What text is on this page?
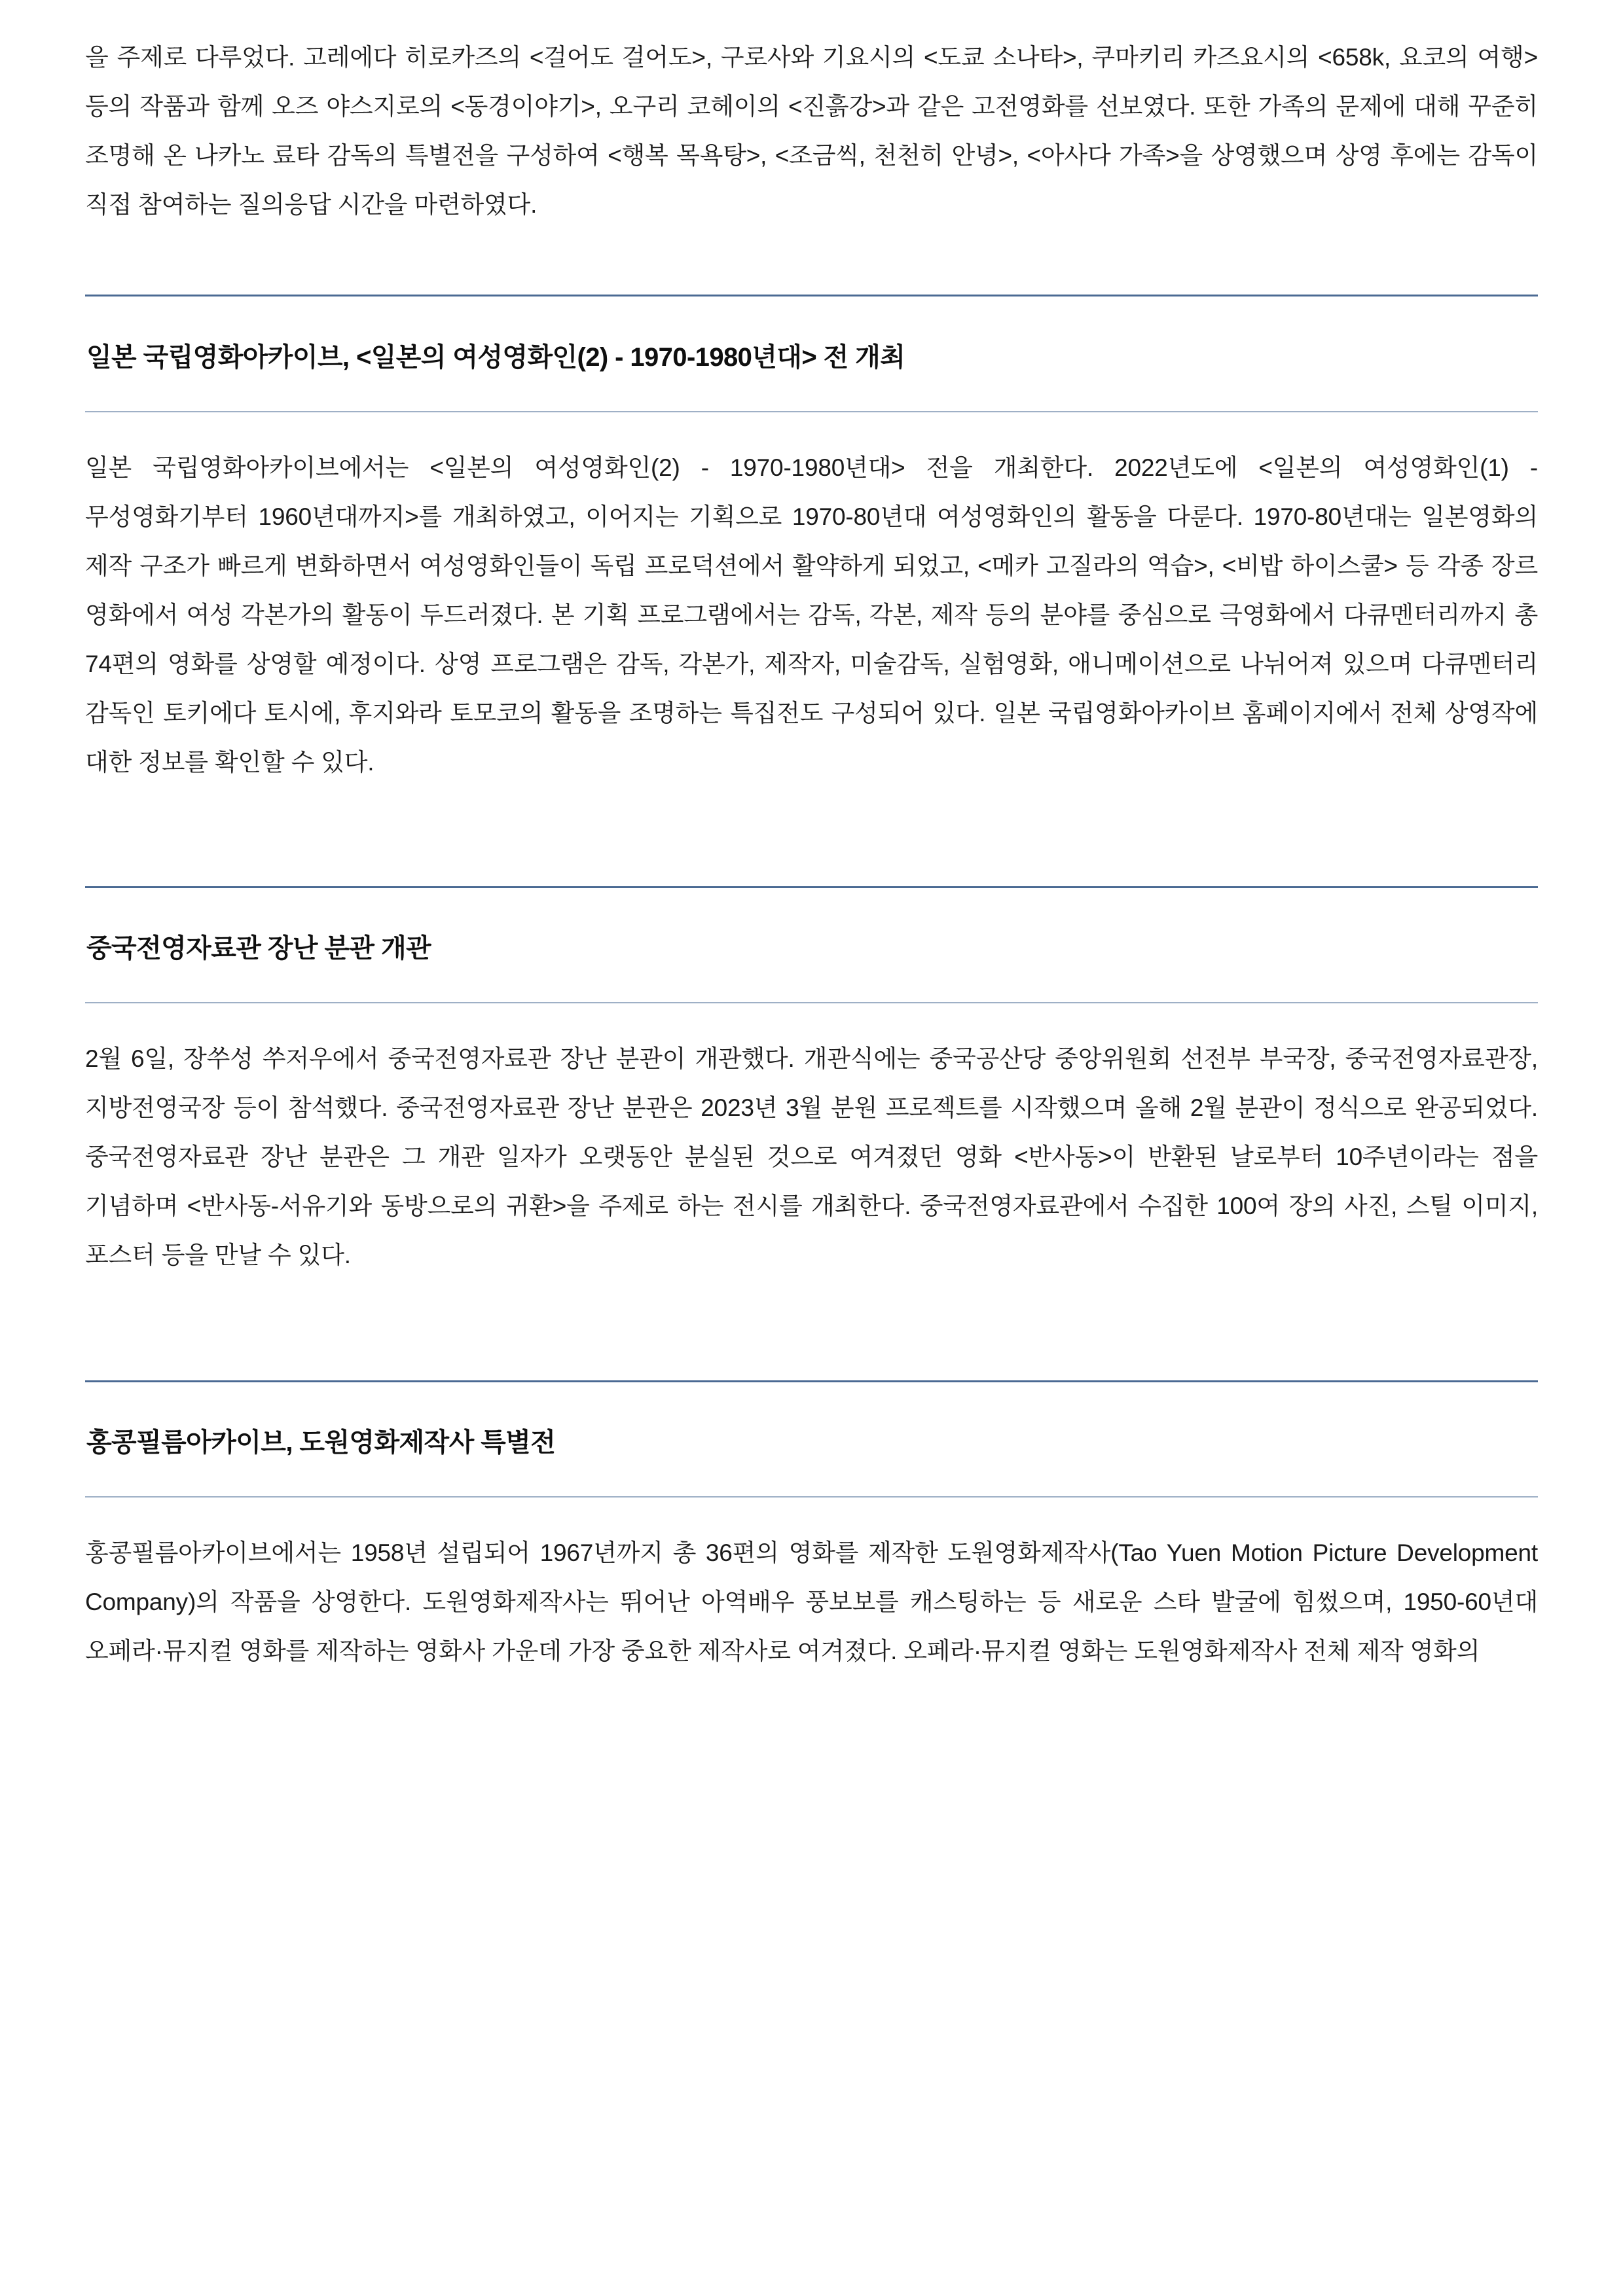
을 주제로 다루었다. 고레에다 히로카즈의 <걸어도 걸어도>, 구로사와 기요시의 <도쿄 소나타>, 쿠마키리 카즈요시의 <658k, 요코의 여행> 등의 작품과 함께 오즈 야스지로의 <동경이야기>, 오구리 코헤이의 <진흙강>과 같은 고전영화를 선보였다. 또한 가족의 문제에 대해 꾸준히 조명해 온 나카노 료타 감독의 특별전을 구성하여 <행복 목욕탕>, <조금씩, 천천히 안녕>, <아사다 가족>을 상영했으며 상영 후에는 감독이 직접 참여하는 질의응답 시간을 마련하였다.

일본 국립영화아카이브, <일본의 여성영화인(2) - 1970-1980년대> 전 개최

일본 국립영화아카이브에서는 <일본의 여성영화인(2) - 1970-1980년대> 전을 개최한다. 2022년도에 <일본의 여성영화인(1) - 무성영화기부터 1960년대까지>를 개최하였고, 이어지는 기획으로 1970-80년대 여성영화인의 활동을 다룬다. 1970-80년대는 일본영화의 제작 구조가 빠르게 변화하면서 여성영화인들이 독립 프로덕션에서 활약하게 되었고, <메카 고질라의 역습>, <비밥 하이스쿨> 등 각종 장르 영화에서 여성 각본가의 활동이 두드러졌다. 본 기획 프로그램에서는 감독, 각본, 제작 등의 분야를 중심으로 극영화에서 다큐멘터리까지 총 74편의 영화를 상영할 예정이다. 상영 프로그램은 감독, 각본가, 제작자, 미술감독, 실험영화, 애니메이션으로 나뉘어져 있으며 다큐멘터리 감독인 토키에다 토시에, 후지와라 토모코의 활동을 조명하는 특집전도 구성되어 있다. 일본 국립영화아카이브 홈페이지에서 전체 상영작에 대한 정보를 확인할 수 있다.

중국전영자료관 장난 분관 개관

2월 6일, 장쑤성 쑤저우에서 중국전영자료관 장난 분관이 개관했다. 개관식에는 중국공산당 중앙위원회 선전부 부국장, 중국전영자료관장, 지방전영국장 등이 참석했다. 중국전영자료관 장난 분관은 2023년 3월 분원 프로젝트를 시작했으며 올해 2월 분관이 정식으로 완공되었다. 중국전영자료관 장난 분관은 그 개관 일자가 오랫동안 분실된 것으로 여겨졌던 영화 <반사동>이 반환된 날로부터 10주년이라는 점을 기념하며 <반사동-서유기와 동방으로의 귀환>을 주제로 하는 전시를 개최한다. 중국전영자료관에서 수집한 100여 장의 사진, 스틸 이미지, 포스터 등을 만날 수 있다.

홍콩필름아카이브, 도원영화제작사 특별전

홍콩필름아카이브에서는 1958년 설립되어 1967년까지 총 36편의 영화를 제작한 도원영화제작사(Tao Yuen Motion Picture Development Company)의 작품을 상영한다. 도원영화제작사는 뛰어난 아역배우 풍보보를 캐스팅하는 등 새로운 스타 발굴에 힘썼으며, 1950-60년대 오페라·뮤지컬 영화를 제작하는 영화사 가운데 가장 중요한 제작사로 여겨졌다. 오페라·뮤지컬 영화는 도원영화제작사 전체 제작 영화의
